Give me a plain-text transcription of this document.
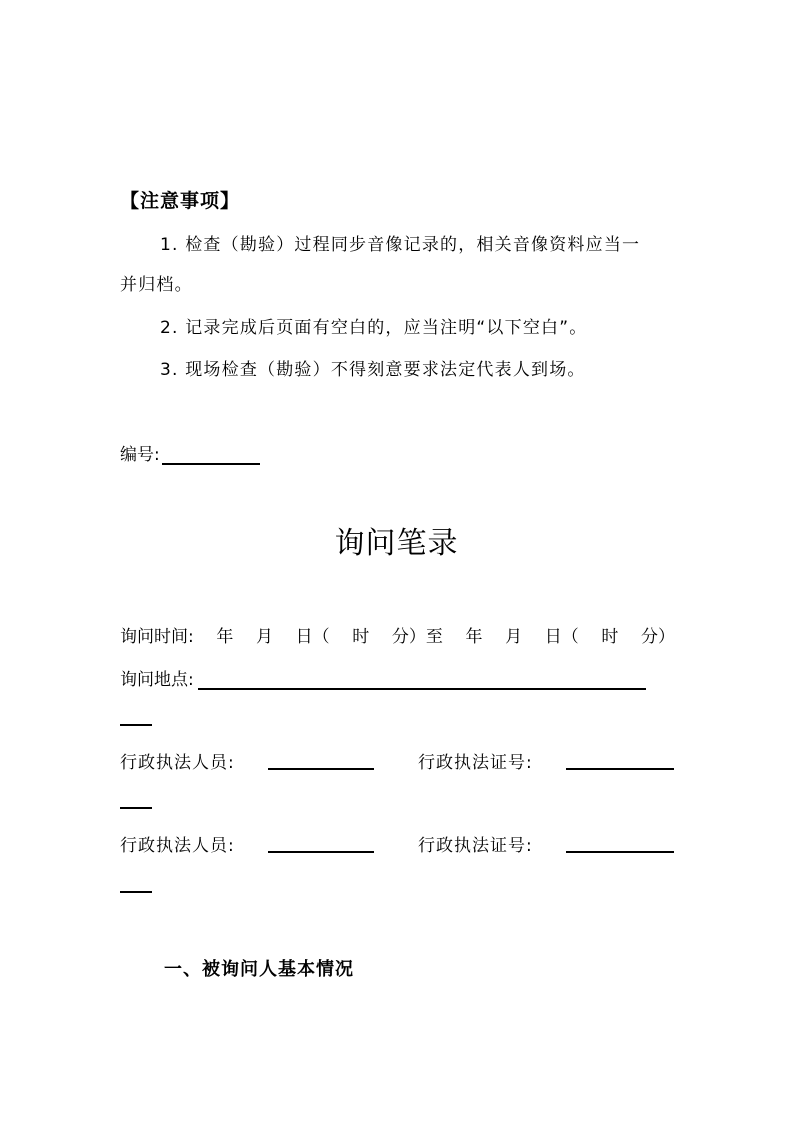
【注意事项】
1. 检查（勘验）过程同步音像记录的，相关音像资料应当一
并归档。
2. 记录完成后页面有空白的，应当注明“以下空白”。
3. 现场检查（勘验）不得刻意要求法定代表人到场。
编号:
询问笔录
询问时间: 年 月 日（ 时 分）至 年 月 日（ 时 分）
询问地点:
行政执法人员:	行政执法证号:
行政执法人员:	行政执法证号:
一、被询问人基本情况
